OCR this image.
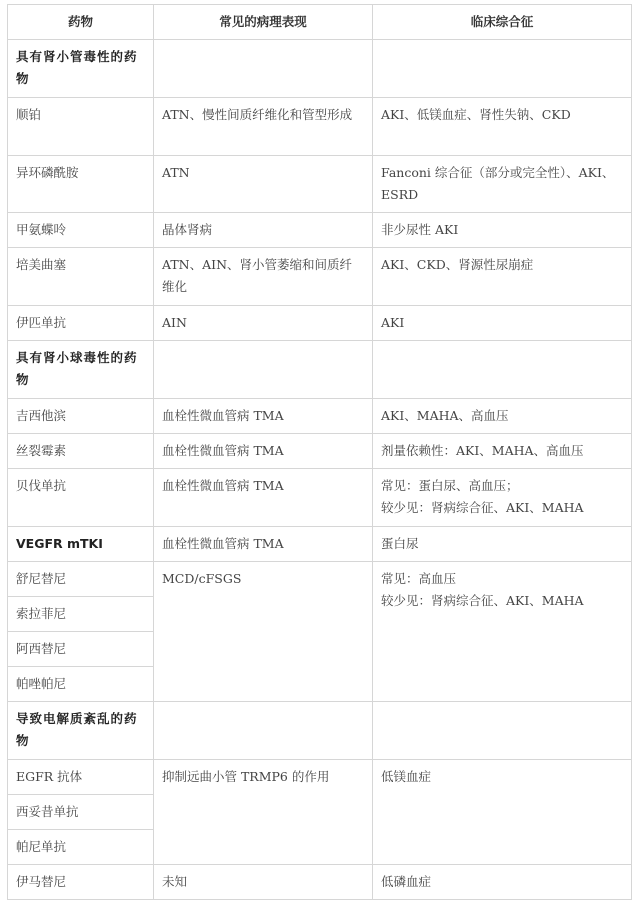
药物	常见的病理表现	临床综合征
具有肾小管毒性的药物		
顺铂	ATN、慢性间质纤维化和管型形成	AKI、低镁血症、肾性失钠、CKD
异环磷酰胺	ATN	Fanconi 综合征（部分或完全性）、AKI、ESRD
甲氨蝶呤	晶体肾病	非少尿性 AKI
培美曲塞	ATN、AIN、肾小管萎缩和间质纤维化	AKI、CKD、肾源性尿崩症
伊匹单抗	AIN	AKI
具有肾小球毒性的药物		
吉西他滨	血栓性微血管病 TMA	AKI、MAHA、高血压
丝裂霉素	血栓性微血管病 TMA	剂量依赖性：AKI、MAHA、高血压
贝伐单抗	血栓性微血管病 TMA	常见：蛋白尿、高血压；
较少见：肾病综合征、AKI、MAHA

VEGFR mTKI	血栓性微血管病 TMA	蛋白尿
舒尼替尼	MCD/cFSGS	常见：高血压
较少见：肾病综合征、AKI、MAHA

索拉菲尼		
阿西替尼		
帕唑帕尼		
导致电解质紊乱的药物		
EGFR 抗体	抑制远曲小管 TRMP6 的作用	低镁血症
西妥昔单抗		
帕尼单抗		
伊马替尼	未知	低磷血症
